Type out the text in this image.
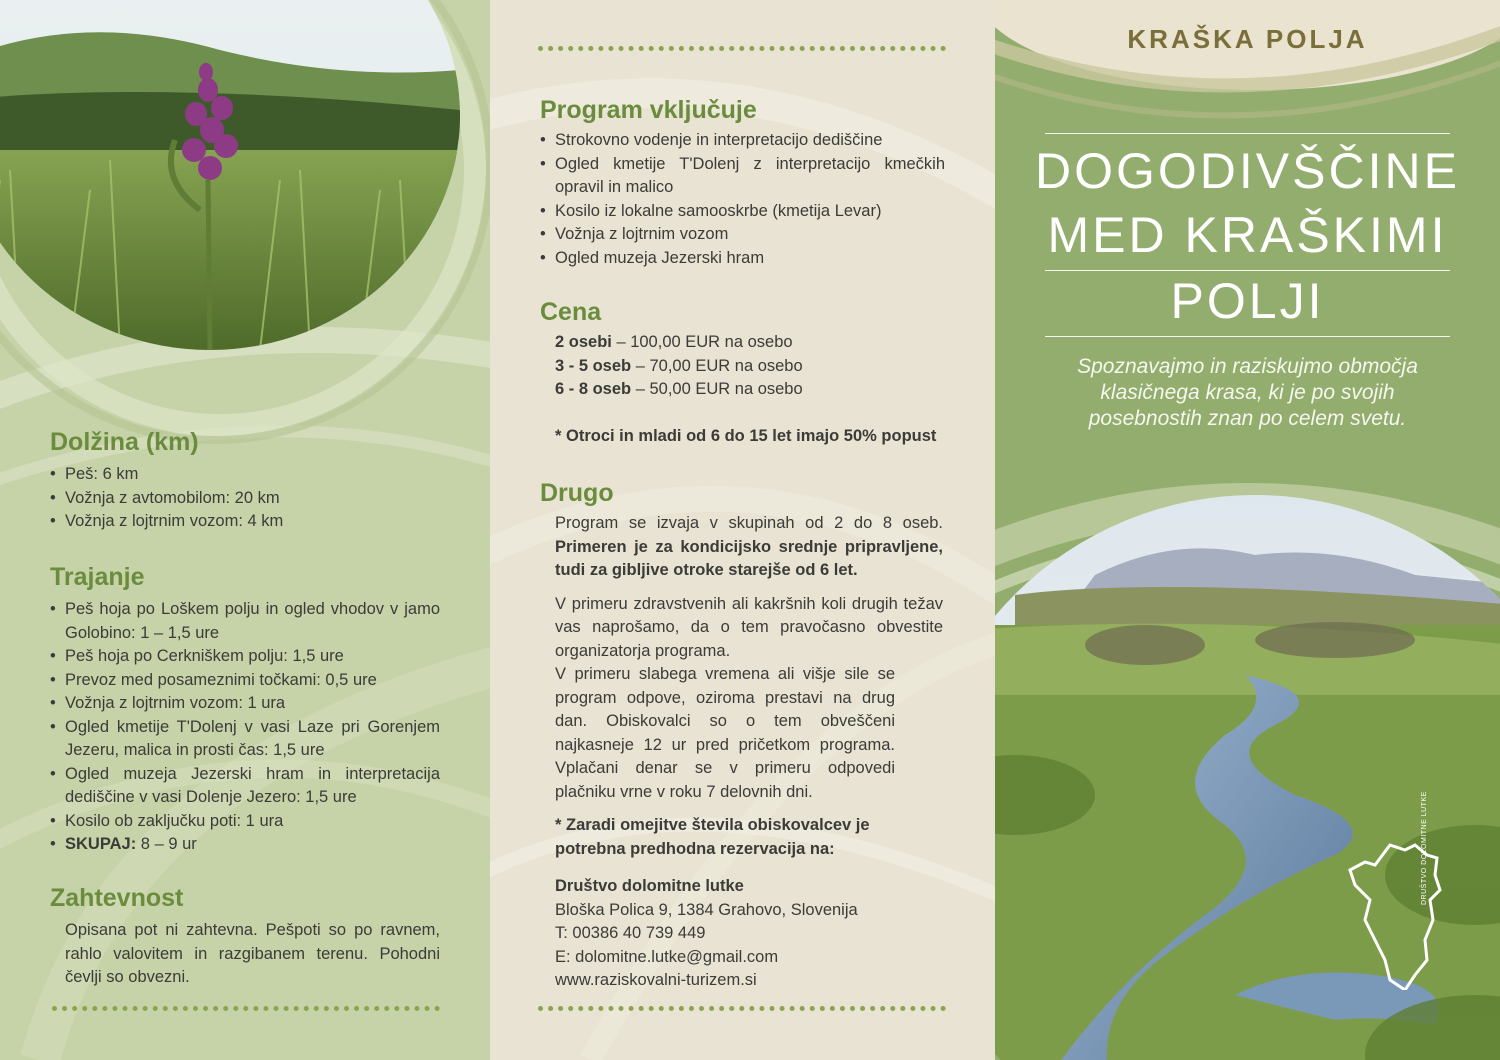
Dolžina (km)
• Peš: 6 km
• Vožnja z avtomobilom: 20 km
• Vožnja z lojtrnim vozom: 4 km
Trajanje
• Peš hoja po Loškem polju in ogled vhodov v jamo Golobino: 1 – 1,5 ure
• Peš hoja po Cerkniškem polju: 1,5 ure
• Prevoz med posameznimi točkami: 0,5 ure
• Vožnja z lojtrnim vozom: 1 ura
• Ogled kmetije T'Dolenj v vasi Laze pri Gorenjem Jezeru, malica in prosti čas: 1,5 ure
• Ogled muzeja Jezerski hram in interpretacija dediščine v vasi Dolenje Jezero: 1,5 ure
• Kosilo ob zaključku poti: 1 ura
• SKUPAJ: 8 – 9 ur
Zahtevnost
Opisana pot ni zahtevna. Pešpoti so po ravnem, rahlo valovitem in razgibanem terenu. Pohodni čevlji so obvezni.
Program vključuje
• Strokovno vodenje in interpretacijo dediščine
• Ogled kmetije T'Dolenj z interpretacijo kmečkih opravil in malico
• Kosilo iz lokalne samooskrbe (kmetija Levar)
• Vožnja z lojtrnim vozom
• Ogled muzeja Jezerski hram
Cena
2 osebi – 100,00 EUR na osebo
3 - 5 oseb – 70,00 EUR na osebo
6 - 8 oseb – 50,00 EUR na osebo
* Otroci in mladi od 6 do 15 let imajo 50% popust
Drugo
Program se izvaja v skupinah od 2 do 8 oseb. Primeren je za kondicijsko srednje pripravljene, tudi za gibljive otroke starejše od 6 let.
V primeru zdravstvenih ali kakršnih koli drugih težav vas naprošamo, da o tem pravočasno obvestite organizatorja programa.
V primeru slabega vremena ali višje sile se program odpove, oziroma prestavi na drug dan. Obiskovalci so o tem obveščeni najkasneje 12 ur pred pričetkom programa. Vplačani denar se v primeru odpovedi plačniku vrne v roku 7 delovnih dni.
* Zaradi omejitve števila obiskovalcev je potrebna predhodna rezervacija na:
Društvo dolomitne lutke
Bloška Polica 9, 1384 Grahovo, Slovenija
T: 00386 40 739 449
E: dolomitne.lutke@gmail.com
www.raziskovalni-turizem.si
KRAŠKA POLJA
DOGODIVŠČINE
MED KRAŠKIMI
POLJI
Spoznavajmo in raziskujmo območja klasičnega krasa, ki je po svojih posebnostih znan po celem svetu.
DRUŠTVO DOLOMITNE LUTKE
